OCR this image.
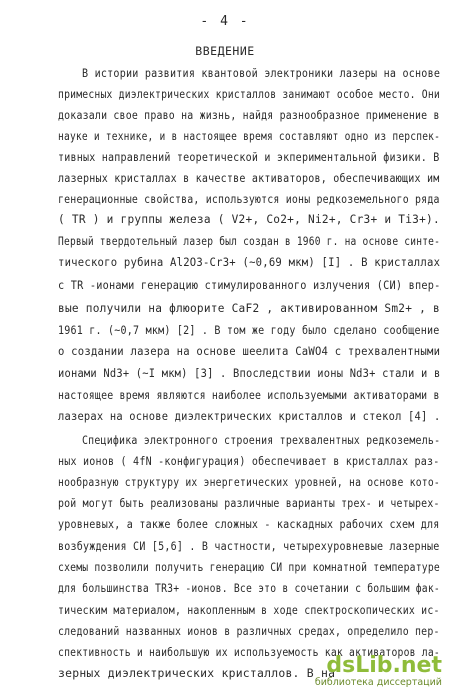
- 4 -
ВВЕДЕНИЕ
В истории развития квантовой электроники лазеры на основе
примесных диэлектрических кристаллов занимают особое место. Они
доказали свое право на жизнь, найдя разнообразное применение в
науке и технике, и в настоящее время составляют одно из перспек-
тивных направлений теоретической и экпериментальной физики. В
лазерных кристаллах в качестве активаторов, обеспечивающих им
генерационные свойства, используются ионы редкоземельного ряда
( TR ) и группы железа ( V2+, Co2+, Ni2+, Cr3+ и Ti3+).
Первый твердотельный лазер был создан в 1960 г. на основе синте-
тического рубина Al2O3-Cr3+ (~0,69 мкм) [I] . В кристаллах
с TR -ионами генерацию стимулированного излучения (СИ) впер-
вые получили на флюорите CaF2 , активированном Sm2+ , в
1961 г. (~0,7 мкм) [2] . В том же году было сделано сообщение
о создании лазера на основе шеелита CaWO4 с трехвалентными
ионами Nd3+ (~I мкм) [3] . Впоследствии ионы Nd3+ стали и в
настоящее время являются наиболее используемыми активаторами в
лазерах на основе диэлектрических кристаллов и стекол [4] .
Специфика электронного строения трехвалентных редкоземель-
ных ионов ( 4fN -конфигурация) обеспечивает в кристаллах раз-
нообразную структуру их энергетических уровней, на основе кото-
рой могут быть реализованы различные варианты трех- и четырех-
уровневых, а также более сложных - каскадных рабочих схем для
возбуждения СИ [5,6] . В частности, четырехуровневые лазерные
схемы позволили получить генерацию СИ при комнатной температуре
для большинства TR3+ -ионов. Все это в сочетании с большим фак-
тическим материалом, накопленным в ходе спектроскопических ис-
следований названных ионов в различных средах, определило пер-
спективность и наибольшую их используемость как активаторов ла-
зерных диэлектрических кристаллов. В на
dsLib.net
библиотека диссертаций
